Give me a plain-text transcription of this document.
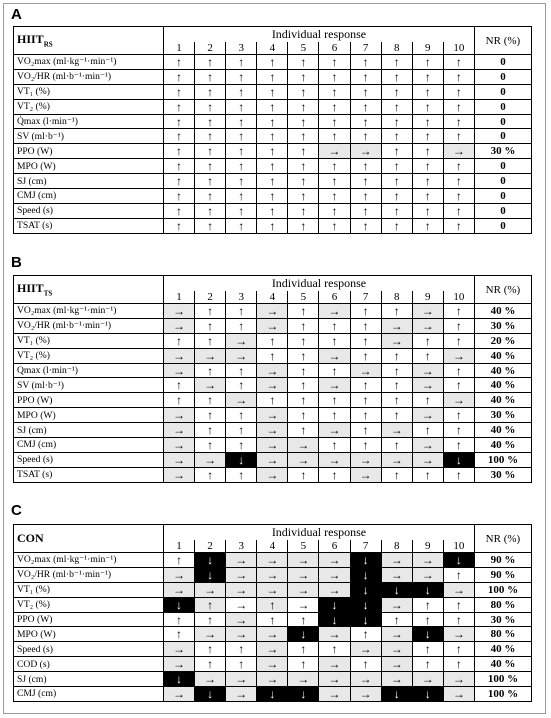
A
$HIIT_{RS}$	Individual response										NR (%)
	1	2	3	4	5	6	7	8	9	10	
VO₂max (ml·kg⁻¹·min⁻¹)	↑	↑	↑	↑	↑	↑	↑	↑	↑	↑	0
VO₂/HR (ml·b⁻¹·min⁻¹)	↑	↑	↑	↑	↑	↑	↑	↑	↑	↑	0
VT₁ (%)	↑	↑	↑	↑	↑	↑	↑	↑	↑	↑	0
VT₂ (%)	↑	↑	↑	↑	↑	↑	↑	↑	↑	↑	0
Q̇max (l·min⁻¹)	↑	↑	↑	↑	↑	↑	↑	↑	↑	↑	0
SV (ml·b⁻¹)	↑	↑	↑	↑	↑	↑	↑	↑	↑	↑	0
PPO (W)	↑	↑	↑	↑	↑	→	→	↑	↑	→	30 %
MPO (W)	↑	↑	↑	↑	↑	↑	↑	↑	↑	↑	0
SJ (cm)	↑	↑	↑	↑	↑	↑	↑	↑	↑	↑	0
CMJ (cm)	↑	↑	↑	↑	↑	↑	↑	↑	↑	↑	0
Speed (s)	↑	↑	↑	↑	↑	↑	↑	↑	↑	↑	0
TSAT (s)	↑	↑	↑	↑	↑	↑	↑	↑	↑	↑	0
B
$HIIT_{TS}$	Individual response										NR (%)
	1	2	3	4	5	6	7	8	9	10	
VO₂max (ml·kg⁻¹·min⁻¹)	→	↑	↑	→	↑	→	↑	↑	→	↑	40 %
VO₂/HR (ml·b⁻¹·min⁻¹)	→	↑	↑	→	↑	↑	↑	→	→	↑	30 %
VT₁ (%)	↑	↑	→	↑	↑	↑	↑	→	↑	↑	20 %
VT₂ (%)	→	→	→	↑	↑	→	↑	↑	↑	→	40 %
Qmax (l·min⁻¹)	→	↑	↑	→	↑	↑	→	↑	→	↑	40 %
SV (ml·b⁻¹)	↑	→	↑	→	↑	→	↑	↑	→	↑	40 %
PPO (W)	↑	↑	→	↑	↑	↑	↑	↑	↑	→	40 %
MPO (W)	→	↑	↑	→	↑	↑	↑	↑	→	↑	30 %
SJ (cm)	→	↑	↑	→	↑	→	↑	→	↑	↑	40 %
CMJ (cm)	→	↑	↑	→	→	↑	↑	↑	→	↑	40 %
Speed (s)	→	→	↓	→	→	→	→	→	→	↓	100 %
TSAT (s)	→	↑	↑	→	↑	↑	→	↑	↑	↑	30 %
C
CON	Individual response										NR (%)
	1	2	3	4	5	6	7	8	9	10	
VO₂max (ml·kg⁻¹·min⁻¹)	↑	↓	→	→	→	→	↓	→	→	↓	90 %
VO₂/HR (ml·b⁻¹·min⁻¹)	→	↓	→	→	→	→	↓	→	→	↑	90 %
VT₁ (%)	→	→	→	→	→	→	↓	↓	↓	→	100 %
VT₂ (%)	↓	↑	→	↑	→	↓	↓	→	↑	↑	80 %
PPO (W)	↑	↑	→	↑	↑	↓	↓	↑	↑	↑	30 %
MPO (W)	↑	→	→	→	↓	→	↑	→	↓	→	80 %
Speed (s)	→	↑	↑	→	↑	↑	→	→	↑	↑	40 %
COD (s)	→	↑	↑	→	↑	→	↑	→	↑	↑	40 %
SJ (cm)	↓	→	→	→	→	→	→	→	→	→	100 %
CMJ (cm)	→	↓	→	↓	↓	→	→	↓	↓	→	100 %
